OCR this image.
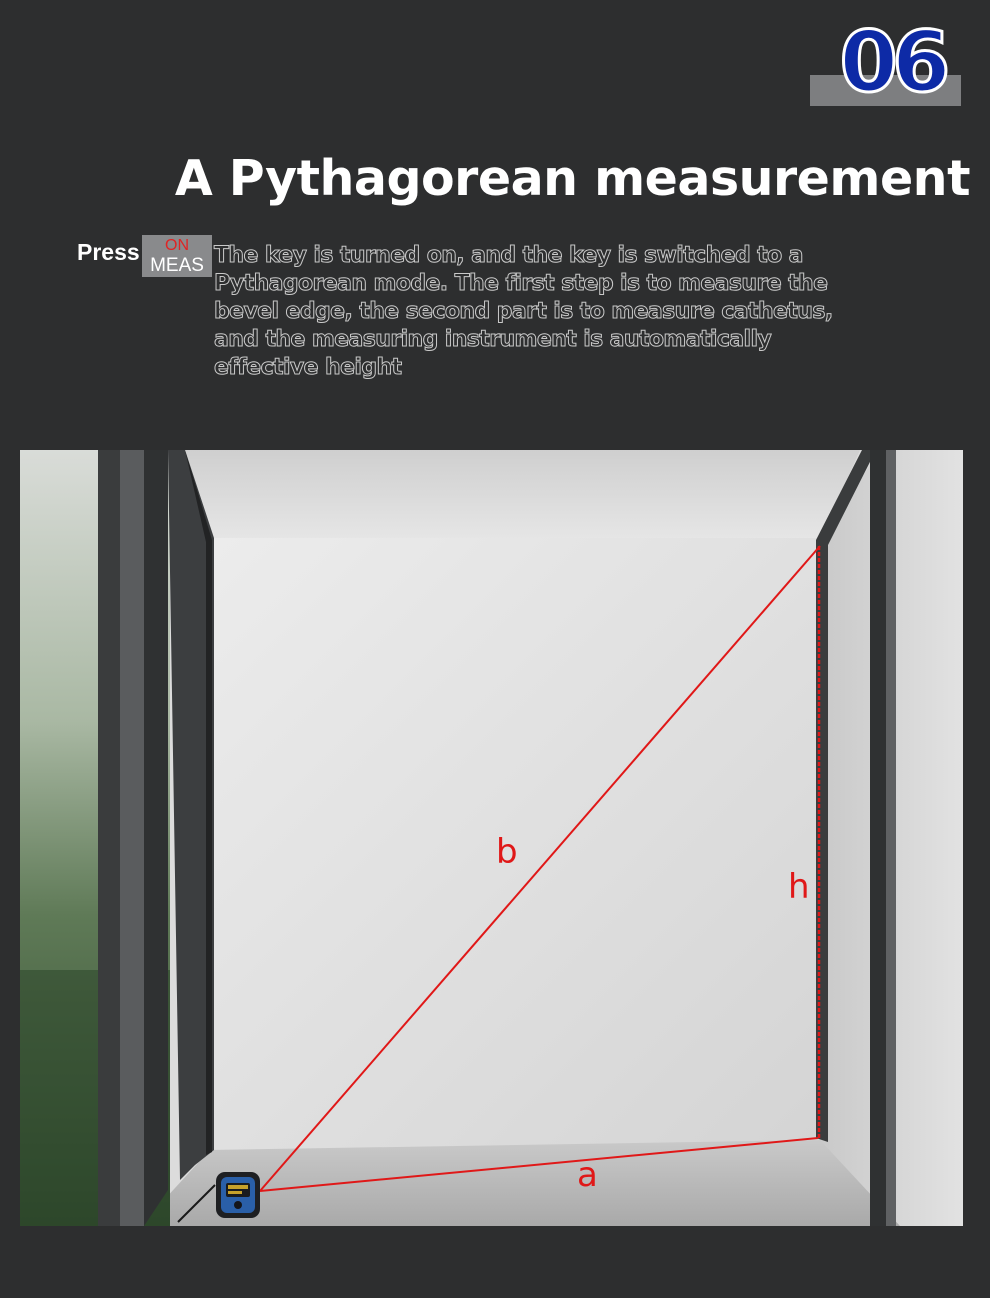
06
A Pythagorean measurement
Press	ON
MEAS The key is turned on, and the key is switched to a Pythagorean mode. The first step is to measure the bevel edge, the second part is to measure cathetus, and the measuring instrument is automatically effective height
b
h
a
